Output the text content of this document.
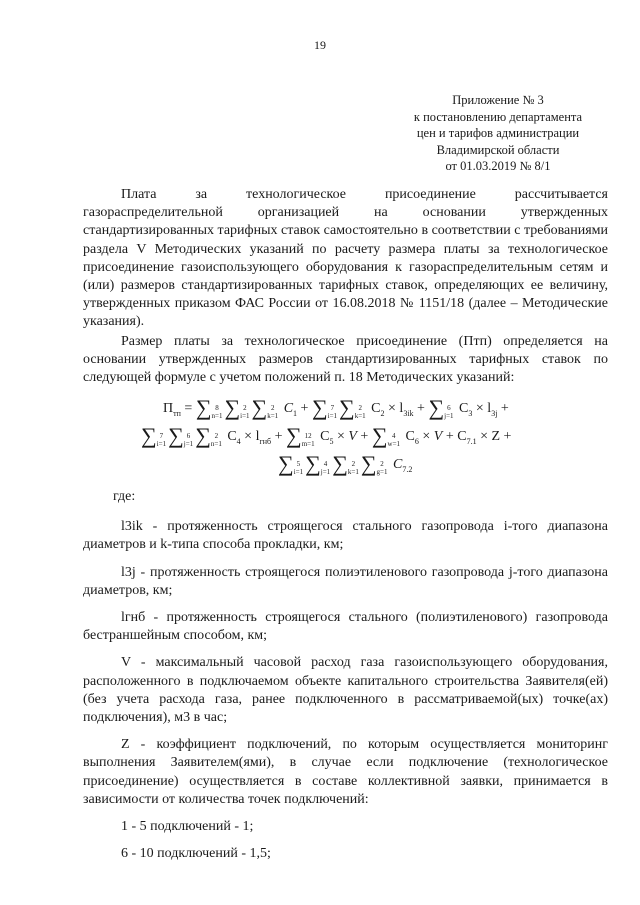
19
Приложение № 3
к постановлению департамента
цен и тарифов администрации
Владимирской области
от 01.03.2019 № 8/1

Плата за технологическое присоединение рассчитывается газораспределительной организацией на основании утвержденных стандартизированных тарифных ставок самостоятельно в соответствии с требованиями раздела V Методических указаний по расчету размера платы за технологическое присоединение газоиспользующего оборудования к газораспределительным сетям и (или) размеров стандартизированных тарифных ставок, определяющих ее величину, утвержденных приказом ФАС России от 16.08.2018 № 1151/18 (далее – Методические указания).

Размер платы за технологическое присоединение (Птп) определяется на основании утвержденных размеров стандартизированных тарифных ставок по следующей формуле с учетом положений п. 18 Методических указаний:

$П_{тп}$ = ∑ 8
n=1 ∑ 2
i=1 ∑ 2
k=1 $C_1$ + ∑ 7
i=1 ∑ 2
k=1 $C_2 \times l_{3ik}$ + ∑ 6
j=1 $C_3 \times l_{3j}$ +
∑ 7
i=1 ∑ 6
j=1 ∑ 2
n=1 $C_4 \times l_{гнб}$ + ∑ 12
m=1 $C_5 \times V$ + ∑ 4
w=1 $C_6 \times V + C_{7.1} \times Z$ +
∑ 5
i=1 ∑ 4
j=1 ∑ 2
k=1 ∑ 2
g=1 $C_{7.2}$

где:

l3ik - протяженность строящегося стального газопровода i-того диапазона диаметров и k-типа способа прокладки, км;

l3j - протяженность строящегося полиэтиленового газопровода j-того диапазона диаметров, км;

lгнб - протяженность строящегося стального (полиэтиленового) газопровода бестраншейным способом, км;

V - максимальный часовой расход газа газоиспользующего оборудования, расположенного в подключаемом объекте капитального строительства Заявителя(ей) (без учета расхода газа, ранее подключенного в рассматриваемой(ых) точке(ах) подключения), м3 в час;

Z - коэффициент подключений, по которым осуществляется мониторинг выполнения Заявителем(ями), в случае если подключение (технологическое присоединение) осуществляется в составе коллективной заявки, принимается в зависимости от количества точек подключений:

1 - 5 подключений - 1;

6 - 10 подключений - 1,5;
